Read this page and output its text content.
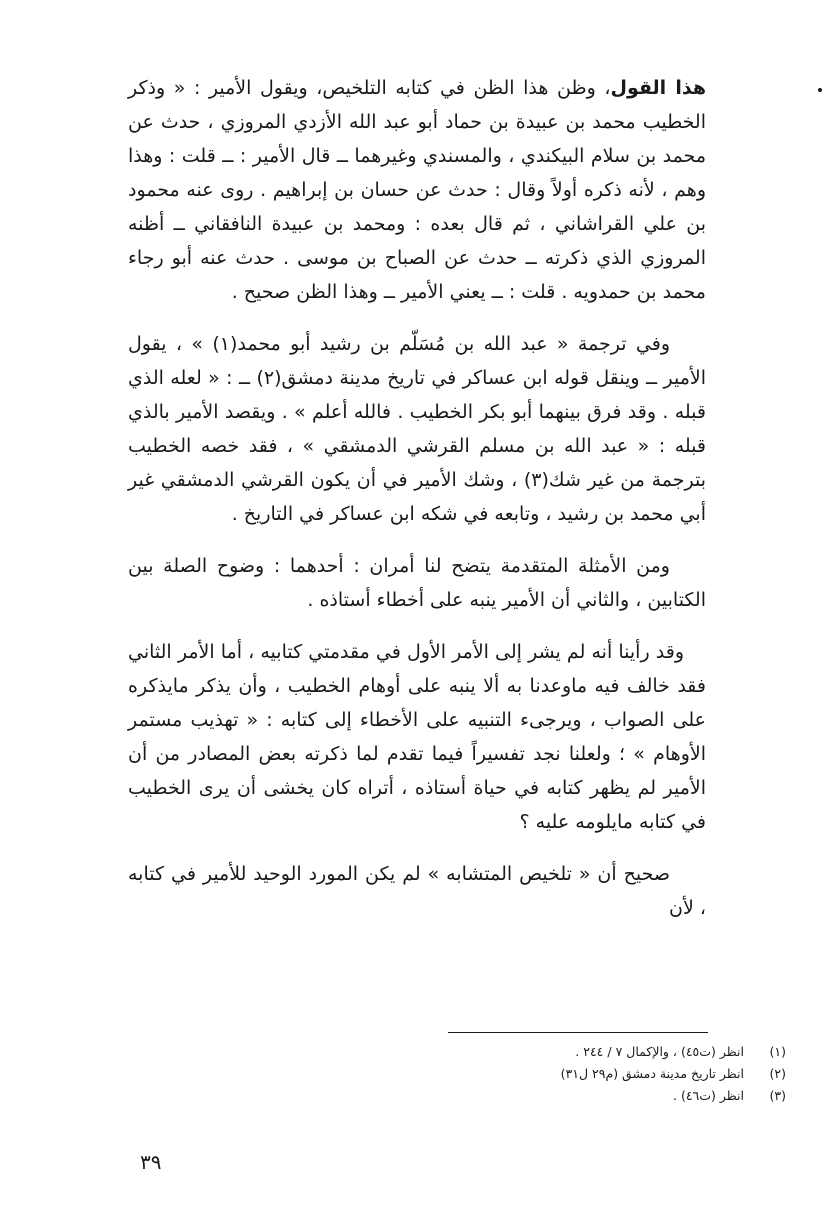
هذا القول، وظن هذا الظن في كتابه التلخيص، ويقول الأمير : « وذكر الخطيب محمد بن عبيدة بن حماد أبو عبد الله الأزدي المروزي ، حدث عن محمد بن سلام البيكندي ، والمسندي وغيرهما ــ قال الأمير : ــ قلت : وهذا وهم ، لأنه ذكره أولاً وقال : حدث عن حسان بن إبراهيم . روى عنه محمود بن علي القراشاني ، ثم قال بعده : ومحمد بن عبيدة النافقاني ــ أظنه المروزي الذي ذكرته ــ حدث عن الصباح بن موسى . حدث عنه أبو رجاء محمد بن حمدويه . قلت : ــ يعني الأمير ــ وهذا الظن صحيح .

وفي ترجمة « عبد الله بن مُسَلّم بن رشيد أبو محمد(١) » ، يقول الأمير ــ وينقل قوله ابن عساكر في تاريخ مدينة دمشق(٢) ــ : « لعله الذي قبله . وقد فرق بينهما أبو بكر الخطيب . فالله أعلم » . ويقصد الأمير بالذي قبله : « عبد الله بن مسلم القرشي الدمشقي » ، فقد خصه الخطيب بترجمة من غير شك(٣) ، وشك الأمير في أن يكون القرشي الدمشقي غير أبي محمد بن رشيد ، وتابعه في شكه ابن عساكر في التاريخ .

ومن الأمثلة المتقدمة يتضح لنا أمران : أحدهما : وضوح الصلة بين الكتابين ، والثاني أن الأمير ينبه على أخطاء أستاذه .

وقد رأينا أنه لم يشر إلى الأمر الأول في مقدمتي كتابيه ، أما الأمر الثاني فقد خالف فيه ماوعدنا به ألا ينبه على أوهام الخطيب ، وأن يذكر مايذكره على الصواب ، ويرجىء التنبيه على الأخطاء إلى كتابه : « تهذيب مستمر الأوهام » ؛ ولعلنا نجد تفسيراً فيما تقدم لما ذكرته بعض المصادر من أن الأمير لم يظهر كتابه في حياة أستاذه ، أتراه كان يخشى أن يرى الخطيب في كتابه مايلومه عليه ؟

صحيح أن « تلخيص المتشابه » لم يكن المورد الوحيد للأمير في كتابه ، لأن

(١)
انظر (ت٤٥) ، والإكمال ٧ / ٢٤٤ .
(٢)
انظر تاريخ مدينة دمشق (م٢٩ ل٣١)
(٣)
انظر (ت٤٦) .
٣٩
